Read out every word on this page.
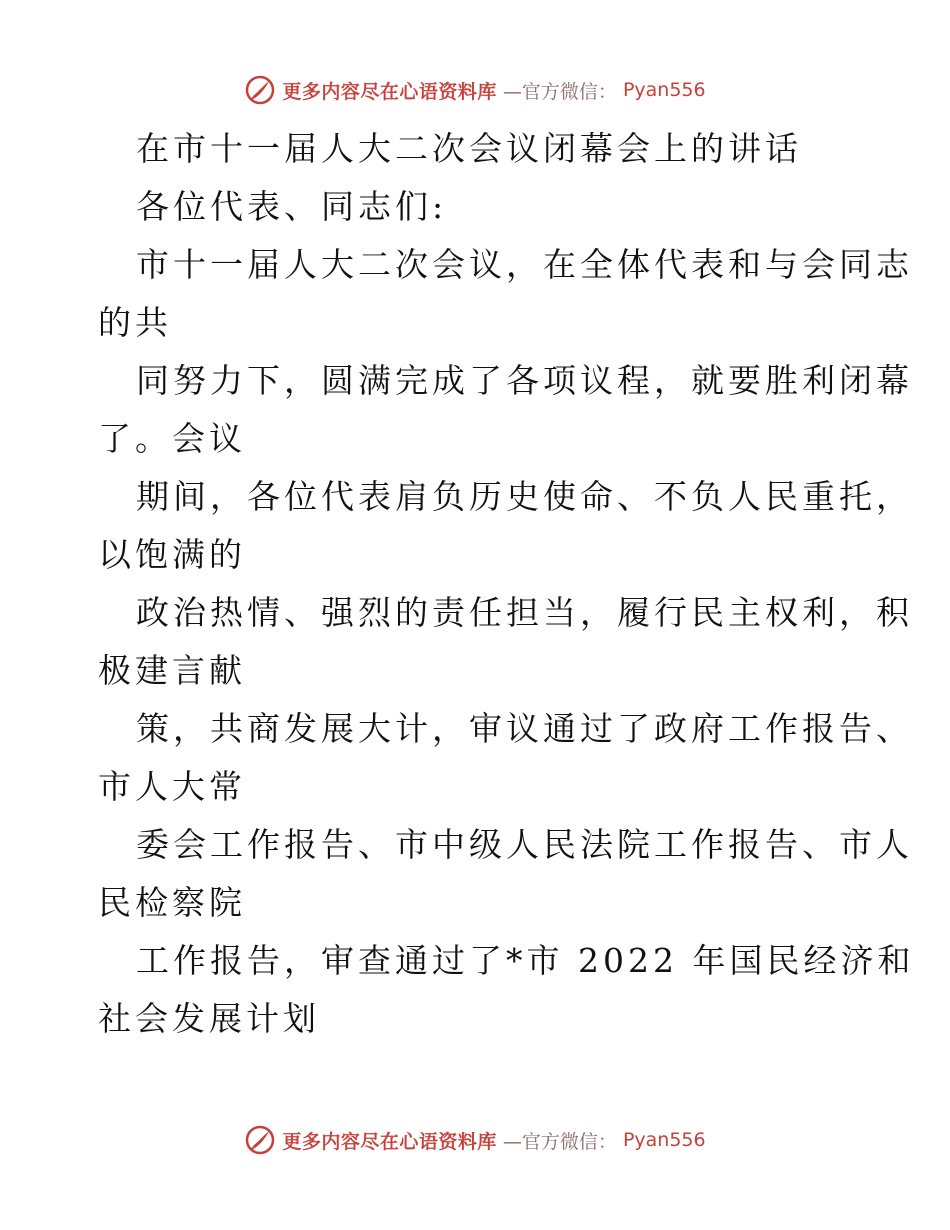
更多内容尽在心语资料库 —官方微信： Pyan556
在市十一届人大二次会议闭幕会上的讲话
各位代表、同志们:
市十一届人大二次会议，在全体代表和与会同志
的共
同努力下，圆满完成了各项议程，就要胜利闭幕
了。会议
期间，各位代表肩负历史使命、不负人民重托，
以饱满的
政治热情、强烈的责任担当，履行民主权利，积
极建言献
策，共商发展大计，审议通过了政府工作报告、
市人大常
委会工作报告、市中级人民法院工作报告、市人
民检察院
工作报告，审查通过了*市 2022 年国民经济和
社会发展计划
更多内容尽在心语资料库 —官方微信： Pyan556
